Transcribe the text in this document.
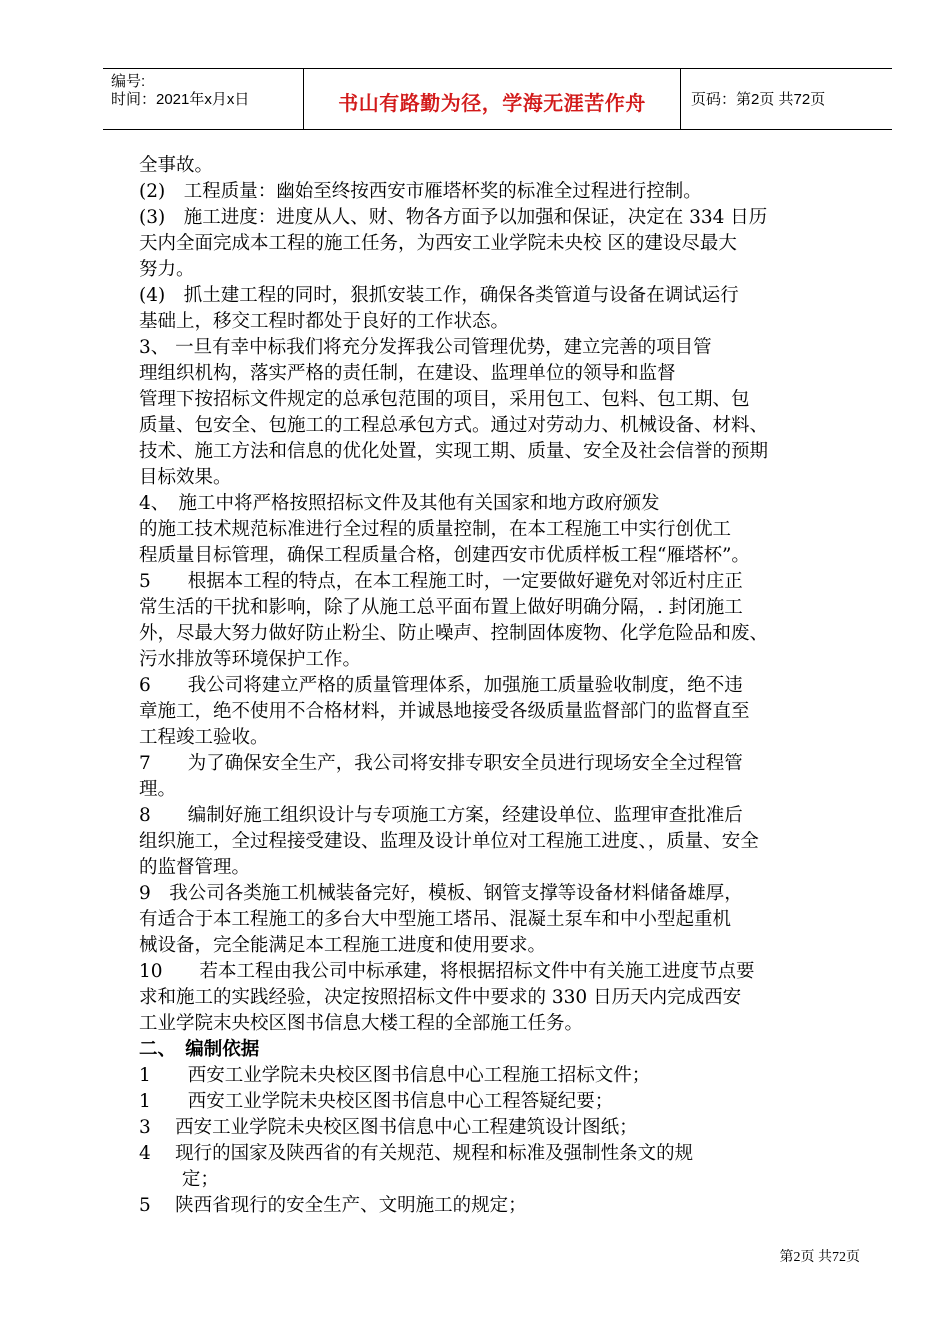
编号:
时间：2021年x月x日	书山有路勤为径，学海无涯苦作舟	页码：第2页 共72页
全事故。
(2)　工程质量：幽始至终按西安市雁塔杯奖的标准全过程进行控制。
(3)　施工进度：进度从人、财、物各方面予以加强和保证，决定在 334 日历
天内全面完成本工程的施工任务，为西安工业学院未央校 区的建设尽最大
努力。
(4)　抓土建工程的同时，狠抓安装工作，确保各类管道与设备在调试运行
基础上，移交工程时都处于良好的工作状态。
3、 一旦有幸中标我们将充分发挥我公司管理优势，建立完善的项目管
理组织机构，落实严格的责任制，在建设、监理单位的领导和监督
管理下按招标文件规定的总承包范围的项目，采用包工、包料、包工期、包
质量、包安全、包施工的工程总承包方式。通过对劳动力、机械设备、材料、
技术、施工方法和信息的优化处置，实现工期、质量、安全及社会信誉的预期
目标效果。
4、　施工中将严格按照招标文件及其他有关国家和地方政府颁发
的施工技术规范标准进行全过程的质量控制，在本工程施工中实行创优工
程质量目标管理，确保工程质量合格，创建西安市优质样板工程“雁塔杯”。
5　　根据本工程的特点，在本工程施工时，一定要做好避免对邻近村庄正
常生活的干扰和影响，除了从施工总平面布置上做好明确分隔，. 封闭施工
外，尽最大努力做好防止粉尘、防止噪声、控制固体废物、化学危险品和废、
污水排放等环境保护工作。
6　　我公司将建立严格的质量管理体系，加强施工质量验收制度，绝不违
章施工，绝不使用不合格材料，并诚恳地接受各级质量监督部门的监督直至
工程竣工验收。
7　　为了确保安全生产，我公司将安排专职安全员进行现场安全全过程管
理。
8　　编制好施工组织设计与专项施工方案，经建设单位、监理审查批准后
组织施工，全过程接受建设、监理及设计单位对工程施工进度、，质量、安全
的监督管理。
9　我公司各类施工机械装备完好，模板、钢管支撑等设备材料储备雄厚，
有适合于本工程施工的多台大中型施工塔吊、混凝土泵车和中小型起重机
械设备，完全能满足本工程施工进度和使用要求。
10　　若本工程由我公司中标承建，将根据招标文件中有关施工进度节点要
求和施工的实践经验，决定按照招标文件中要求的 330 日历天内完成西安
工业学院末央校区图书信息大楼工程的全部施工任务。
二、　编制依据
1　　西安工业学院未央校区图书信息中心工程施工招标文件；
1　　西安工业学院未央校区图书信息中心工程答疑纪要；
3　 西安工业学院未央校区图书信息中心工程建筑设计图纸；
4　 现行的国家及陕西省的有关规范、规程和标准及强制性条文的规
　　 定；
5　 陕西省现行的安全生产、文明施工的规定；
第2页 共72页
